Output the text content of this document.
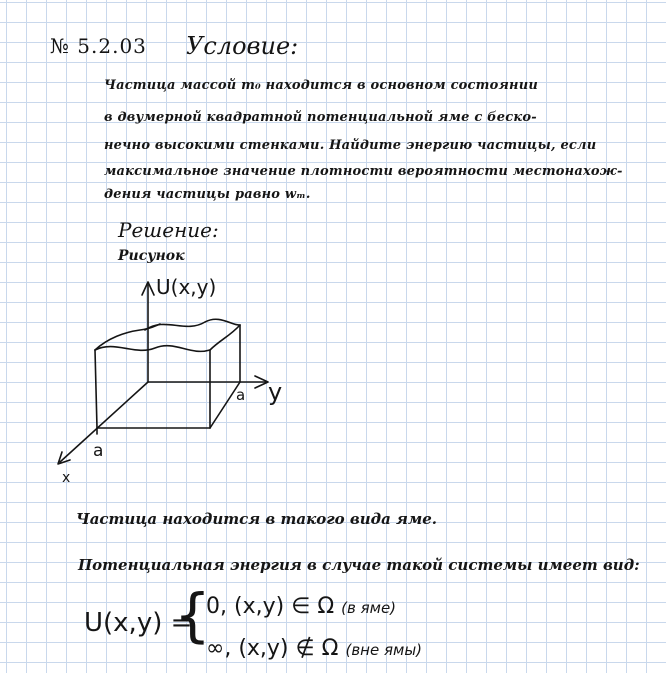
№ 5.2.03 Условие:
Частица массой m₀ находится в основном состоянии
в двумерной квадратной потенциальной яме с беско-
нечно высокими стенками. Найдите энергию частицы, если
максимальное значение плотности вероятности местонахож-
дения частицы равно wₘ.
Решение:
Рисунок
U(x,y)
y
a
a
x
Частица находится в такого вида яме.
Потенциальная энергия в случае такой системы имеет вид:
U(x,y) =
{
0, (x,y) ∈ Ω (в яме)
∞, (x,y) ∉ Ω (вне ямы)
